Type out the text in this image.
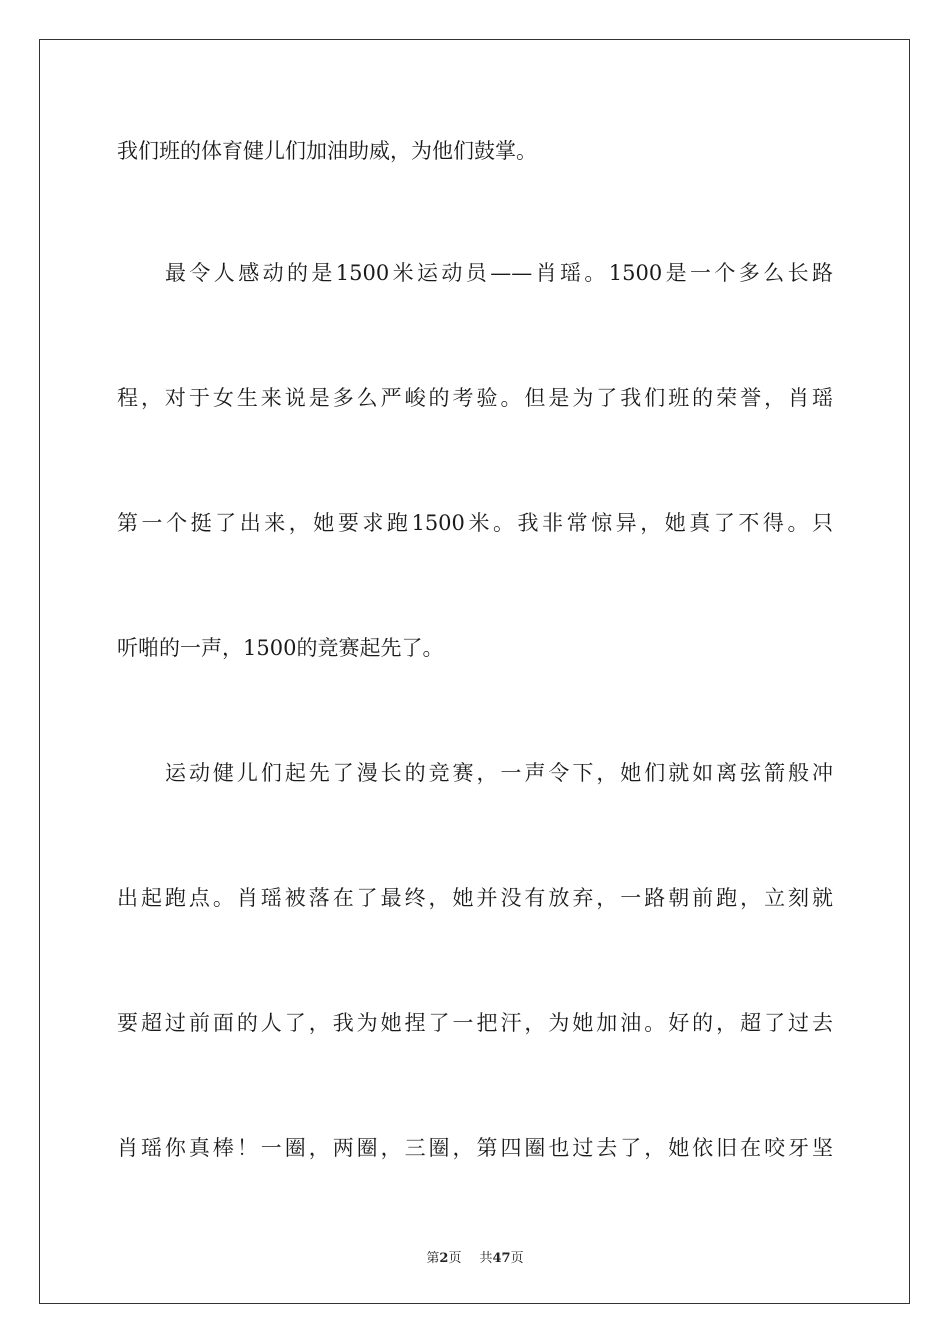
我们班的体育健儿们加油助威，为他们鼓掌。

最令人感动的是1500米运动员——肖瑶。1500是一个多么长路

程，对于女生来说是多么严峻的考验。但是为了我们班的荣誉，肖瑶

第一个挺了出来，她要求跑1500米。我非常惊异，她真了不得。只

听啪的一声，1500的竞赛起先了。

运动健儿们起先了漫长的竞赛，一声令下，她们就如离弦箭般冲

出起跑点。肖瑶被落在了最终，她并没有放弃，一路朝前跑，立刻就

要超过前面的人了，我为她捏了一把汗，为她加油。好的，超了过去

肖瑶你真棒！一圈，两圈，三圈，第四圈也过去了，她依旧在咬牙坚

第2页 共47页
